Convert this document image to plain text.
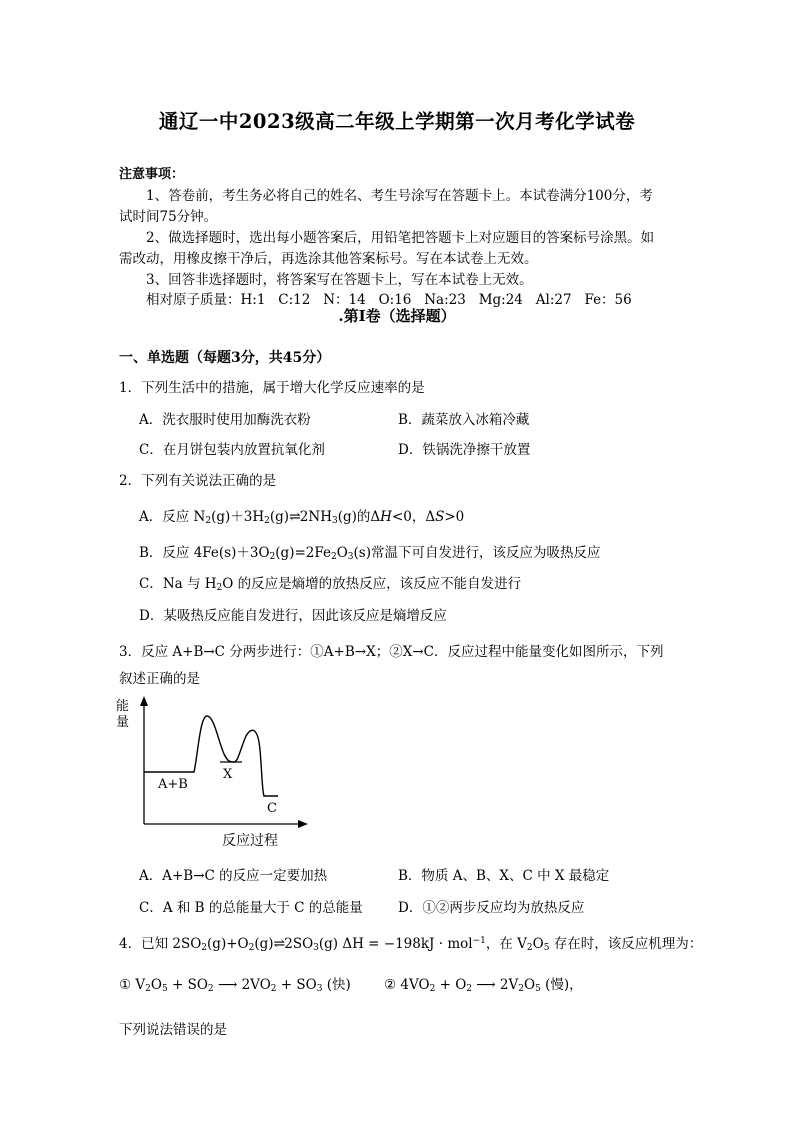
通辽一中2023级高二年级上学期第一次月考化学试卷
注意事项：
1、答卷前，考生务必将自己的姓名、考生号涂写在答题卡上。本试卷满分100分，考
试时间75分钟。
2、做选择题时，选出每小题答案后，用铅笔把答题卡上对应题目的答案标号涂黑。如
需改动，用橡皮擦干净后，再选涂其他答案标号。写在本试卷上无效。
3、回答非选择题时，将答案写在答题卡上，写在本试卷上无效。
相对原子质量：H:1   C:12   N：14   O:16   Na:23   Mg:24   Al:27   Fe：56
.第Ⅰ卷（选择题）
一、单选题（每题3分，共45分）
1．下列生活中的措施，属于增大化学反应速率的是
A．洗衣服时使用加酶洗衣粉	B．蔬菜放入冰箱冷藏
C．在月饼包装内放置抗氧化剂	D．铁锅洗净擦干放置
2．下列有关说法正确的是
A．反应 $N_2(g)+3H_2(g)\rightleftharpoons 2NH_3(g)$的ΔH<0，ΔS>0
B．反应 $4Fe(s)+3O_2(g)=2Fe_2O_3(s)$常温下可自发进行，该反应为吸热反应
C．Na 与 $H_2O$ 的反应是熵增的放热反应，该反应不能自发进行
D．某吸热反应能自发进行，因此该反应是熵增反应
3．反应 A+B→C 分两步进行：①A+B→X；②X→C．反应过程中能量变化如图所示，下列
叙述正确的是
能
量
A+B
X
C
反应过程
A．A+B→C 的反应一定要加热	B．物质 A、B、X、C 中 X 最稳定
C．A 和 B 的总能量大于 C 的总能量	D．①②两步反应均为放热反应
4．已知 $2SO_2(g)+O_2(g)\rightleftharpoons 2SO_3(g) \Delta H = -198kJ \cdot mol^{-1}$，在 $V_2O_5$ 存在时，该反应机理为：
① $V_2O_5 + SO_2$ ⟶ $2VO_2 + SO_3$ (快) ② $4VO_2 + O_2$ ⟶ $2V_2O_5$ (慢)，
下列说法错误的是
